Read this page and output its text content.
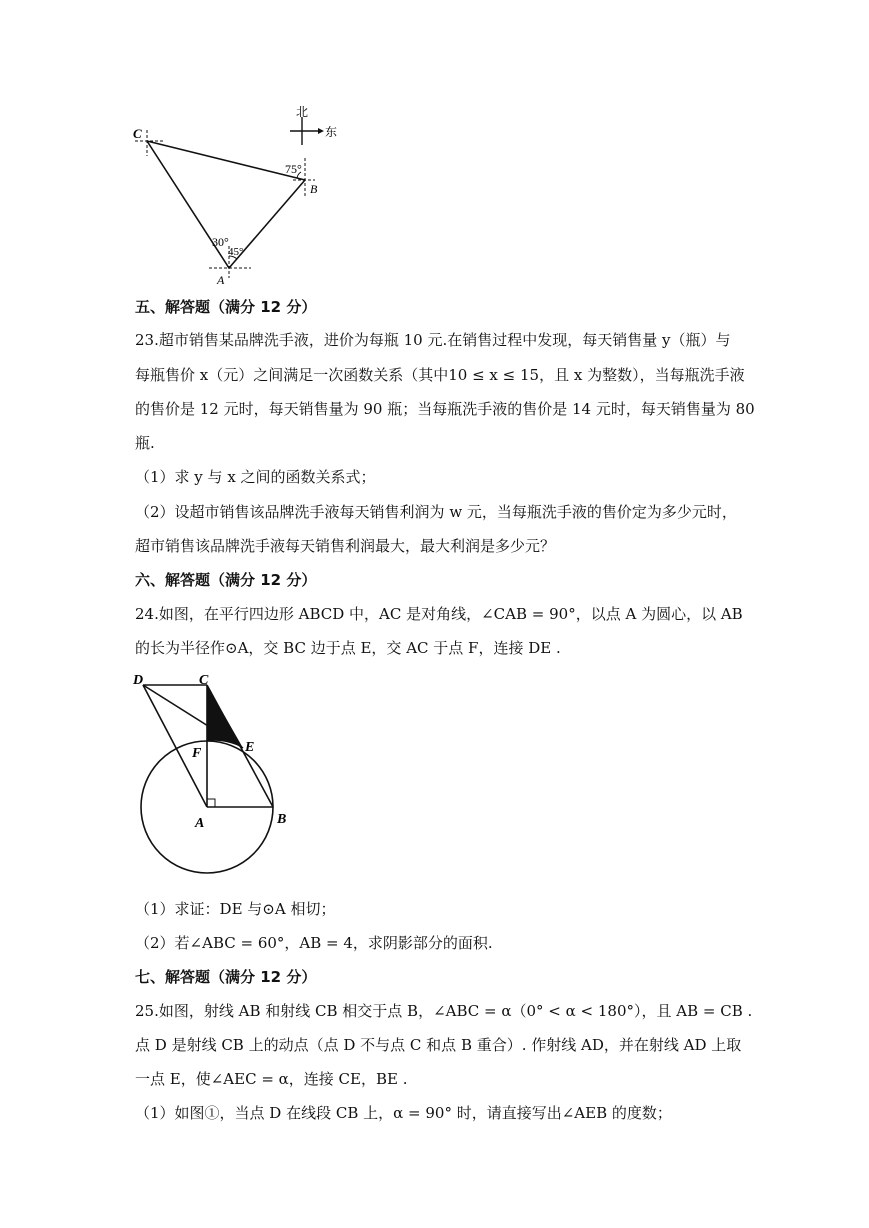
北
东
C
B
A
75°
30°
45°
五、解答题（满分 12 分）
23.超市销售某品牌洗手液，进价为每瓶 10 元.在销售过程中发现，每天销售量 y（瓶）与
每瓶售价 x（元）之间满足一次函数关系（其中10 ≤ x ≤ 15，且 x 为整数），当每瓶洗手液
的售价是 12 元时，每天销售量为 90 瓶；当每瓶洗手液的售价是 14 元时，每天销售量为 80
瓶.
（1）求 y 与 x 之间的函数关系式；
（2）设超市销售该品牌洗手液每天销售利润为 w 元，当每瓶洗手液的售价定为多少元时，
超市销售该品牌洗手液每天销售利润最大，最大利润是多少元？
六、解答题（满分 12 分）
24.如图，在平行四边形 ABCD 中，AC 是对角线，∠CAB = 90°，以点 A 为圆心，以 AB
的长为半径作⊙A，交 BC 边于点 E，交 AC 于点 F，连接 DE .
D	C
F	E
A	B
（1）求证：DE 与⊙A 相切；
（2）若∠ABC = 60°，AB = 4，求阴影部分的面积.
七、解答题（满分 12 分）
25.如图，射线 AB 和射线 CB 相交于点 B，∠ABC = α（0° < α < 180°），且 AB = CB .
点 D 是射线 CB 上的动点（点 D 不与点 C 和点 B 重合）. 作射线 AD，并在射线 AD 上取
一点 E，使∠AEC = α，连接 CE，BE .
（1）如图①，当点 D 在线段 CB 上，α = 90° 时，请直接写出∠AEB 的度数；
